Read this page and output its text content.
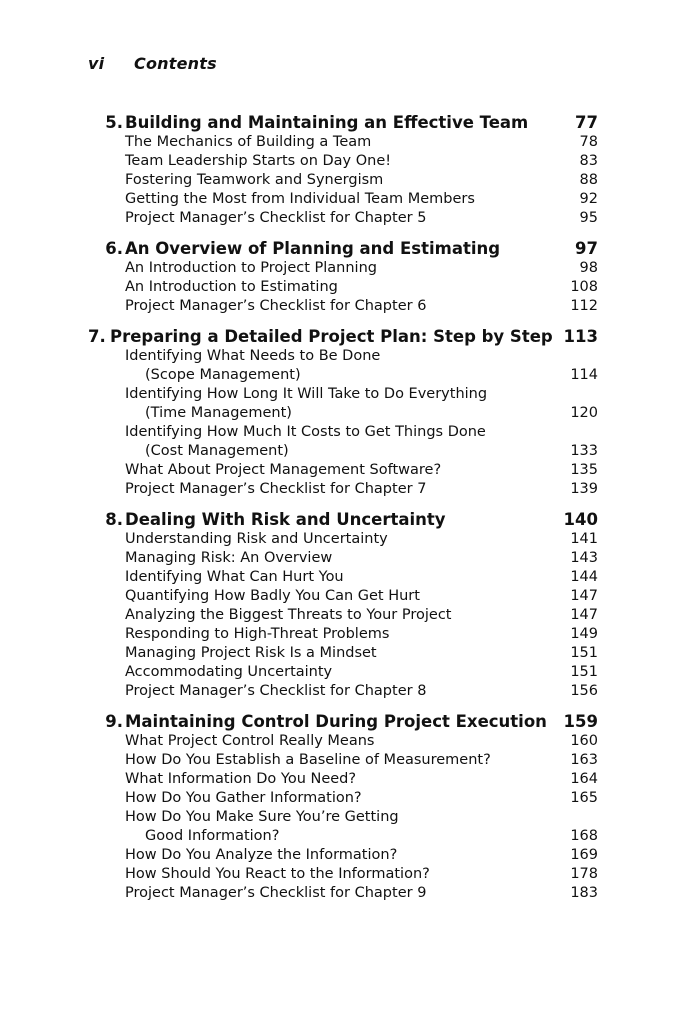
vi Contents
5. Building and Maintaining an Effective Team	77
The Mechanics of Building a Team	78
Team Leadership Starts on Day One!	83
Fostering Teamwork and Synergism	88
Getting the Most from Individual Team Members	92
Project Manager’s Checklist for Chapter 5	95
6. An Overview of Planning and Estimating	97
An Introduction to Project Planning	98
An Introduction to Estimating	108
Project Manager’s Checklist for Chapter 6	112
7. Preparing a Detailed Project Plan: Step by Step 113
Identifying What Needs to Be Done
(Scope Management)	114
Identifying How Long It Will Take to Do Everything
(Time Management)	120
Identifying How Much It Costs to Get Things Done
(Cost Management)	133
What About Project Management Software?	135
Project Manager’s Checklist for Chapter 7	139
8. Dealing With Risk and Uncertainty	140
Understanding Risk and Uncertainty	141
Managing Risk: An Overview	143
Identifying What Can Hurt You	144
Quantifying How Badly You Can Get Hurt	147
Analyzing the Biggest Threats to Your Project	147
Responding to High-Threat Problems	149
Managing Project Risk Is a Mindset	151
Accommodating Uncertainty	151
Project Manager’s Checklist for Chapter 8	156
9. Maintaining Control During Project Execution 159
What Project Control Really Means	160
How Do You Establish a Baseline of Measurement?	163
What Information Do You Need?	164
How Do You Gather Information?	165
How Do You Make Sure You’re Getting
Good Information?	168
How Do You Analyze the Information?	169
How Should You React to the Information?	178
Project Manager’s Checklist for Chapter 9	183
